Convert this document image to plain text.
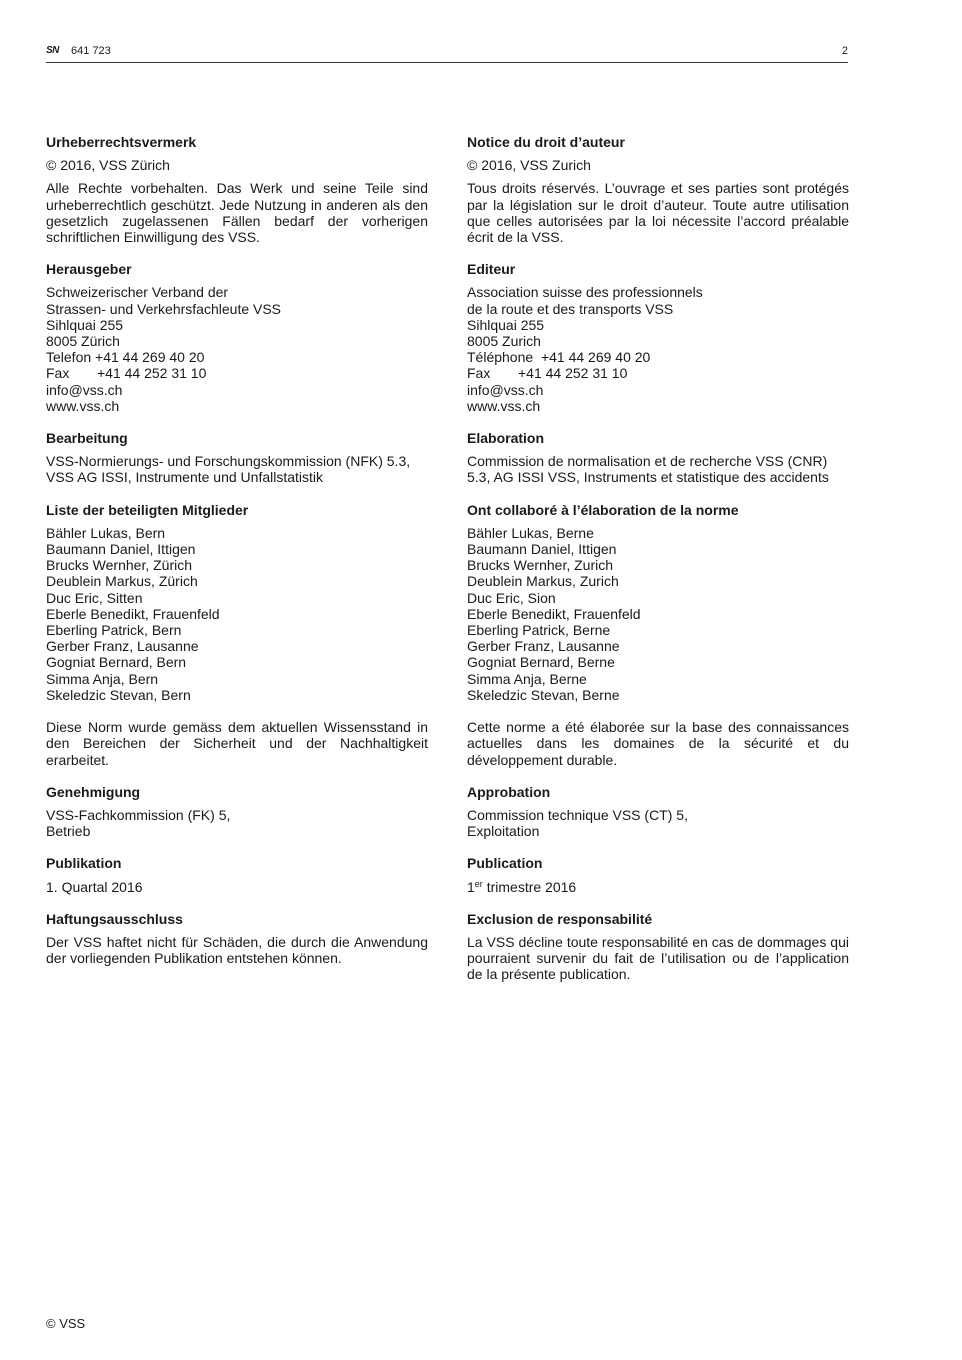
SN 641 723	2
Urheberrechtsvermerk

© 2016, VSS Zürich

Alle Rechte vorbehalten. Das Werk und seine Teile sind urheberrechtlich geschützt. Jede Nutzung in anderen als den gesetzlich zugelassenen Fällen bedarf der vorherigen schriftlichen Einwilligung des VSS.

Herausgeber
Schweizerischer Verband der
Strassen- und Verkehrsfachleute VSS
Sihlquai 255
8005 Zürich
Telefon +41 44 269 40 20
Fax +41 44 252 31 10
info@vss.ch
www.vss.ch
Bearbeitung
VSS-Normierungs- und Forschungskommission (NFK) 5.3,
VSS AG ISSI, Instrumente und Unfallstatistik
Liste der beteiligten Mitglieder
Bähler Lukas, Bern
Baumann Daniel, Ittigen
Brucks Wernher, Zürich
Deublein Markus, Zürich
Duc Eric, Sitten
Eberle Benedikt, Frauenfeld
Eberling Patrick, Bern
Gerber Franz, Lausanne
Gogniat Bernard, Bern
Simma Anja, Bern
Skeledzic Stevan, Bern

Diese Norm wurde gemäss dem aktuellen Wissensstand in den Bereichen der Sicherheit und der Nachhaltigkeit erarbeitet.

Genehmigung
VSS-Fachkommission (FK) 5,
Betrieb
Publikation

1. Quartal 2016

Haftungsausschluss

Der VSS haftet nicht für Schäden, die durch die Anwendung der vorliegenden Publikation entstehen können.

Notice du droit d’auteur

© 2016, VSS Zurich

Tous droits réservés. L’ouvrage et ses parties sont protégés par la législation sur le droit d’auteur. Toute autre utilisation que celles autorisées par la loi nécessite l’accord préalable écrit de la VSS.

Editeur
Association suisse des professionnels
de la route et des transports VSS
Sihlquai 255
8005 Zurich
Téléphone +41 44 269 40 20
Fax +41 44 252 31 10
info@vss.ch
www.vss.ch
Elaboration
Commission de normalisation et de recherche VSS (CNR)
5.3, AG ISSI VSS, Instruments et statistique des accidents
Ont collaboré à l’élaboration de la norme
Bähler Lukas, Berne
Baumann Daniel, Ittigen
Brucks Wernher, Zurich
Deublein Markus, Zurich
Duc Eric, Sion
Eberle Benedikt, Frauenfeld
Eberling Patrick, Berne
Gerber Franz, Lausanne
Gogniat Bernard, Berne
Simma Anja, Berne
Skeledzic Stevan, Berne

Cette norme a été élaborée sur la base des connaissances actuelles dans les domaines de la sécurité et du développement durable.

Approbation
Commission technique VSS (CT) 5,
Exploitation
Publication

1er trimestre 2016

Exclusion de responsabilité

La VSS décline toute responsabilité en cas de dommages qui pourraient survenir du fait de l’utilisation ou de l’application de la présente publication.

© VSS
